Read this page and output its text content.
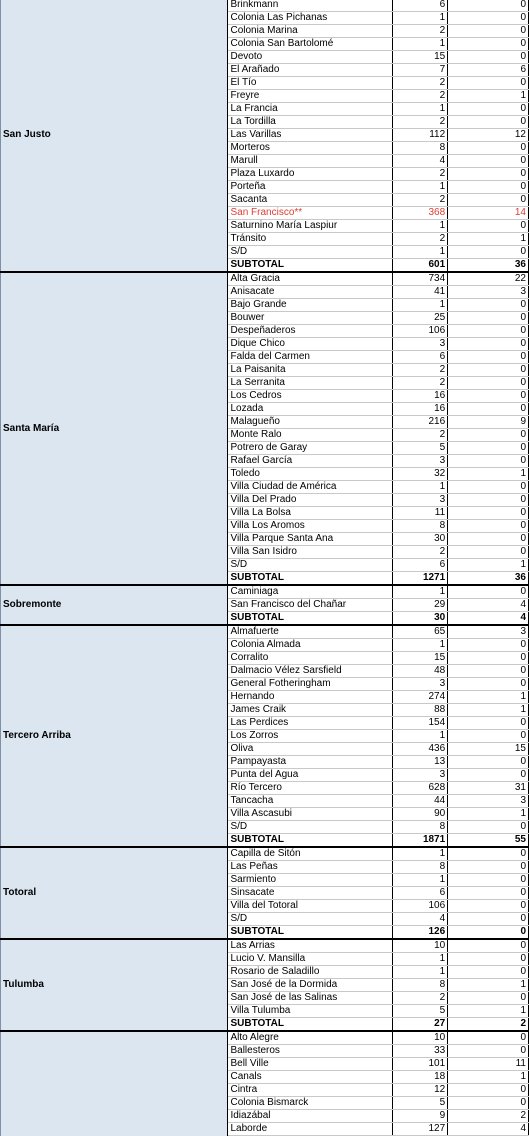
San Justo	Brinkmann	6	0
	Colonia Las Pichanas	1	0
	Colonia Marina	2	0
	Colonia San Bartolomé	1	0
	Devoto	15	0
	El Arañado	7	6
	El Tío	2	0
	Freyre	2	1
	La Francia	1	0
	La Tordilla	2	0
	Las Varillas	112	12
	Morteros	8	0
	Marull	4	0
	Plaza Luxardo	2	0
	Porteña	1	0
	Sacanta	2	0
	San Francisco**	368	14
	Saturnino María Laspiur	1	0
	Tránsito	2	1
	S/D	1	0
	SUBTOTAL	601	36
Santa María	Alta Gracia	734	22
	Anisacate	41	3
	Bajo Grande	1	0
	Bouwer	25	0
	Despeñaderos	106	0
	Dique Chico	3	0
	Falda del Carmen	6	0
	La Paisanita	2	0
	La Serranita	2	0
	Los Cedros	16	0
	Lozada	16	0
	Malagueño	216	9
	Monte Ralo	2	0
	Potrero de Garay	5	0
	Rafael García	3	0
	Toledo	32	1
	Villa Ciudad de América	1	0
	Villa Del Prado	3	0
	Villa La Bolsa	11	0
	Villa Los Aromos	8	0
	Villa Parque Santa Ana	30	0
	Villa San Isidro	2	0
	S/D	6	1
	SUBTOTAL	1271	36
Sobremonte	Caminiaga	1	0
	San Francisco del Chañar	29	4
	SUBTOTAL	30	4
Tercero Arriba	Almafuerte	65	3
	Colonia Almada	1	0
	Corralito	15	0
	Dalmacio Vélez Sarsfield	48	0
	General Fotheringham	3	0
	Hernando	274	1
	James Craik	88	1
	Las Perdices	154	0
	Los Zorros	1	0
	Oliva	436	15
	Pampayasta	13	0
	Punta del Agua	3	0
	Río Tercero	628	31
	Tancacha	44	3
	Villa Ascasubi	90	1
	S/D	8	0
	SUBTOTAL	1871	55
Totoral	Capilla de Sitón	1	0
	Las Peñas	8	0
	Sarmiento	1	0
	Sinsacate	6	0
	Villa del Totoral	106	0
	S/D	4	0
	SUBTOTAL	126	0
Tulumba	Las Arrias	10	0
	Lucio V. Mansilla	1	0
	Rosario de Saladillo	1	0
	San José de la Dormida	8	1
	San José de las Salinas	2	0
	Villa Tulumba	5	1
	SUBTOTAL	27	2
	Alto Alegre	10	0
	Ballesteros	33	0
	Bell Ville	101	11
	Canals	18	1
	Cintra	12	0
	Colonia Bismarck	5	0
	Idiazábal	9	2
	Laborde	127	4
